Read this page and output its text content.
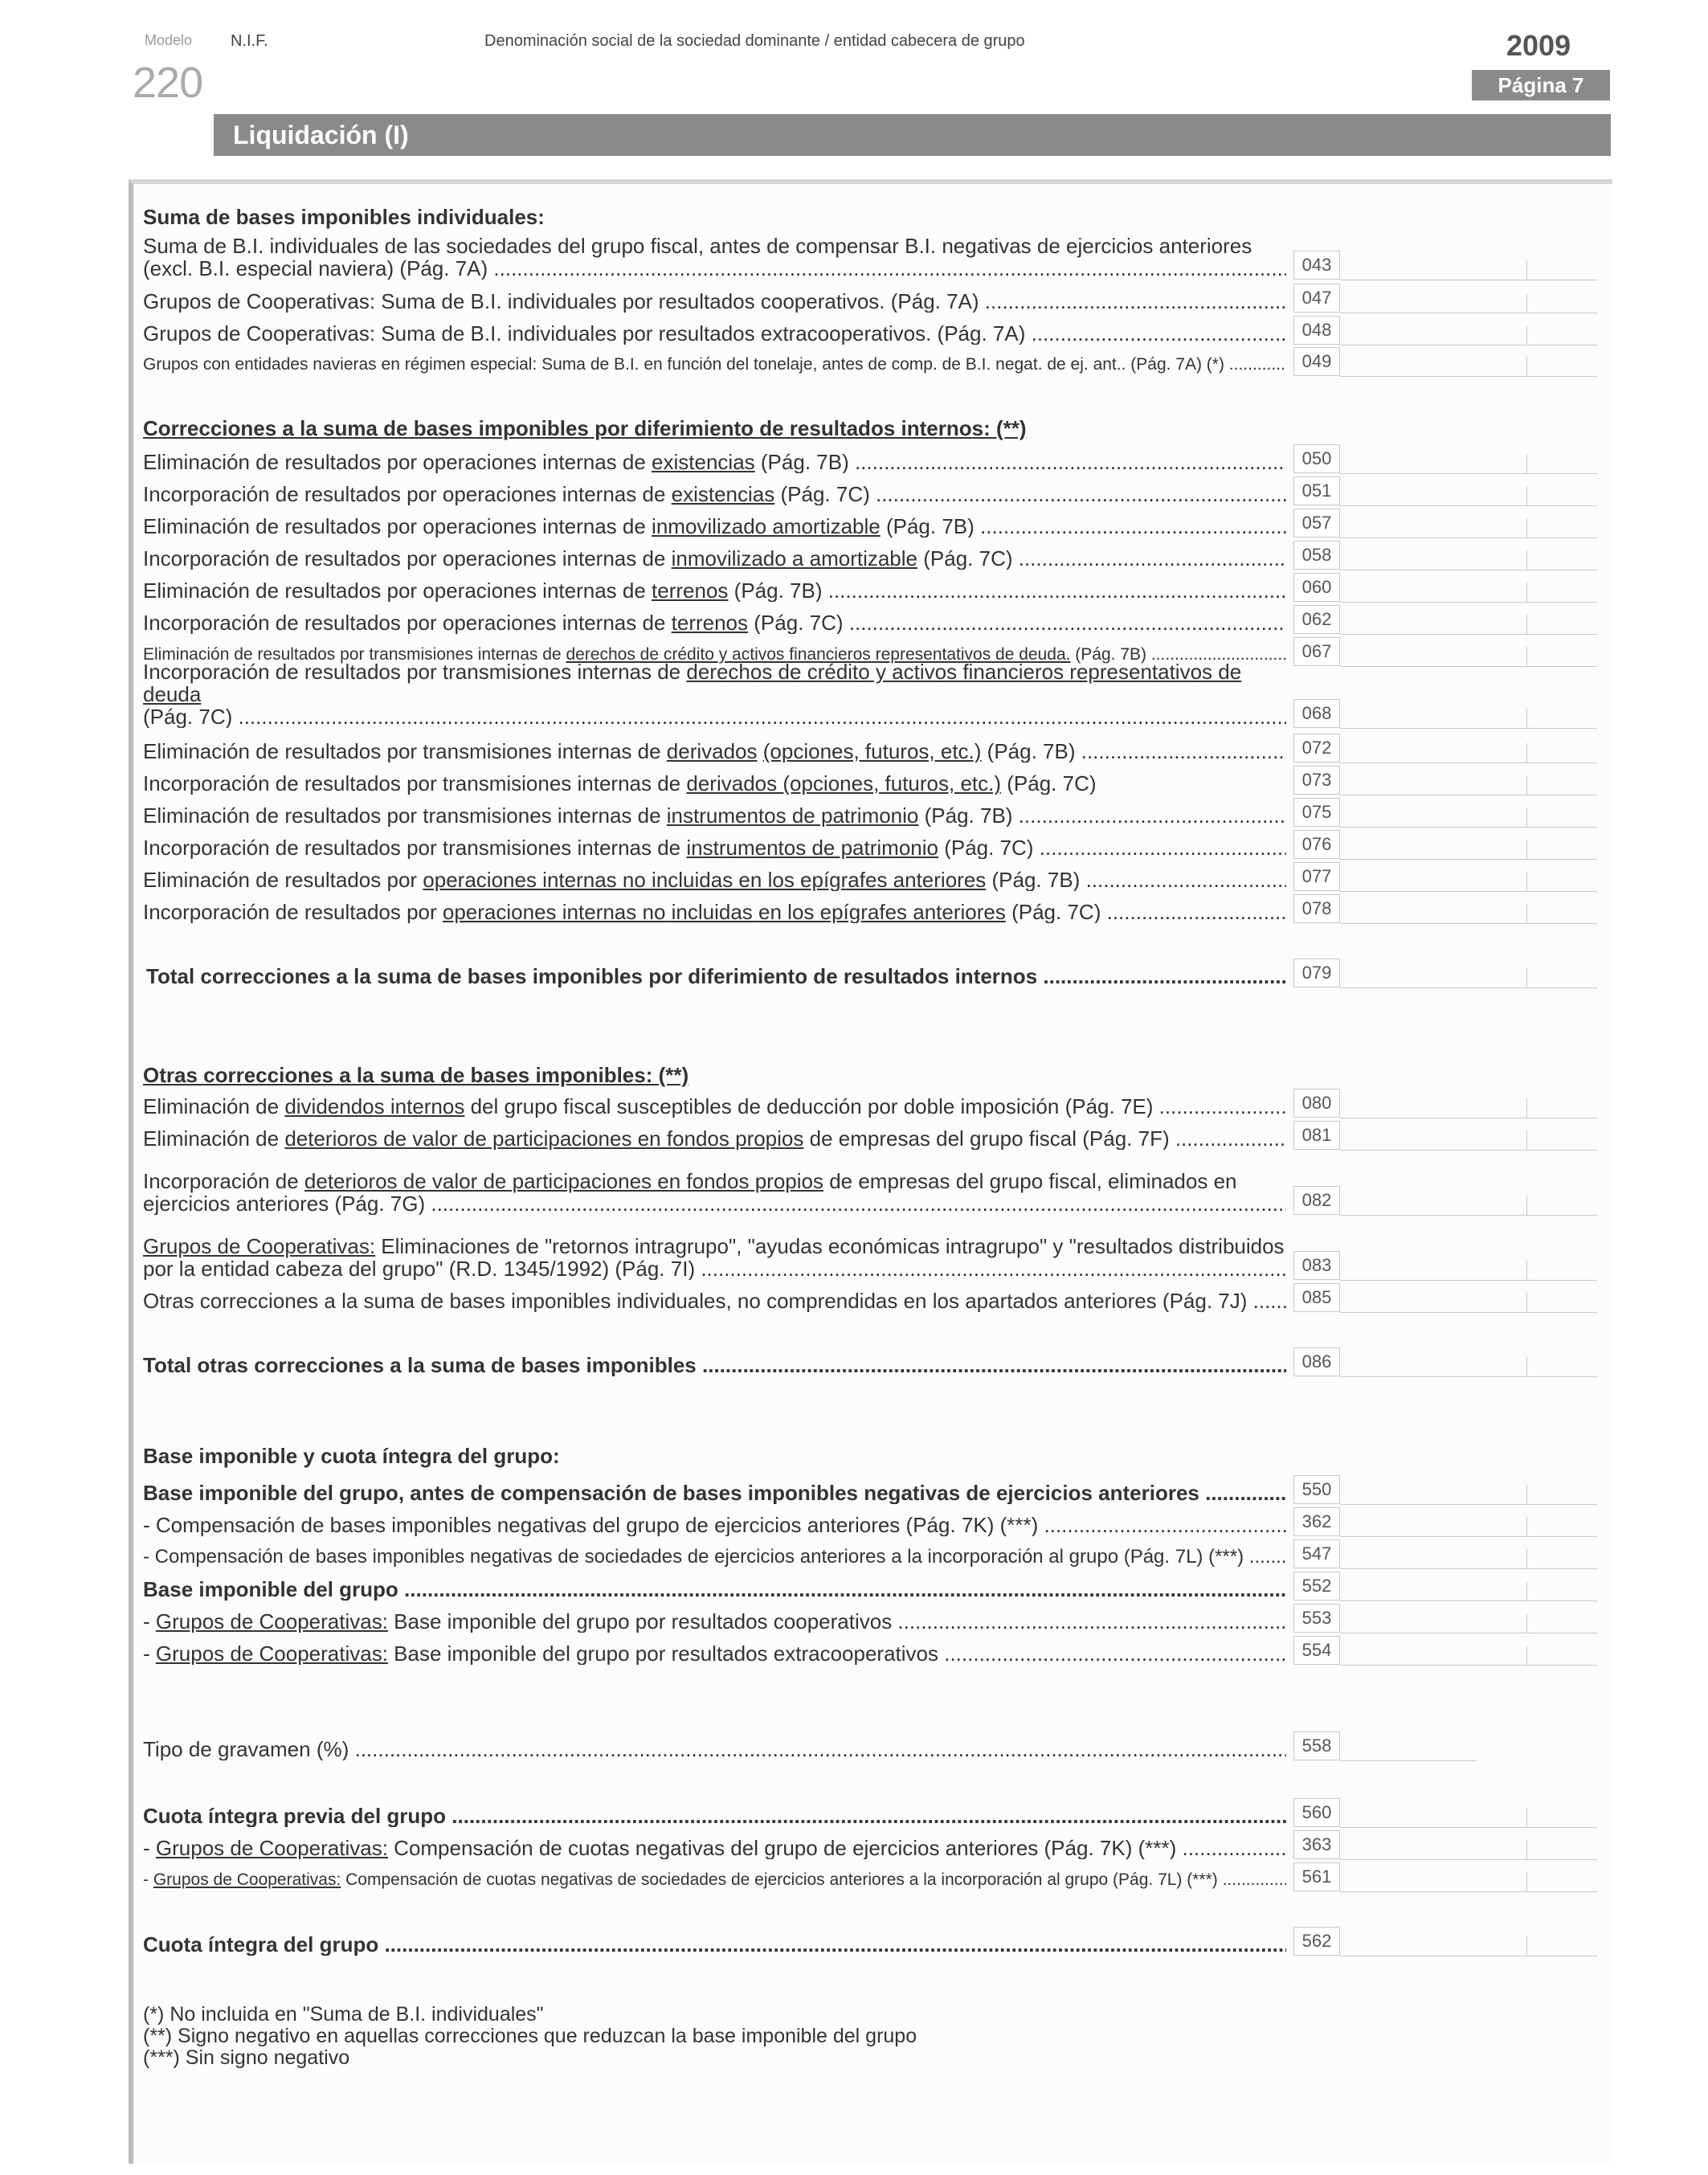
Modelo
220
N.I.F.	Denominación social de la sociedad dominante / entidad cabecera de grupo	2009
Página 7
Liquidación (I)
Suma de bases imponibles individuales:
Suma de B.I. individuales de las sociedades del grupo fiscal, antes de compensar B.I. negativas de ejercicios anteriores
(excl. B.I. especial naviera) (Pág. 7A) .....	043
Grupos de Cooperativas: Suma de B.I. individuales por resultados cooperativos. (Pág. 7A) .....	047
Grupos de Cooperativas: Suma de B.I. individuales por resultados extracooperativos. (Pág. 7A) .....	048
Grupos con entidades navieras en régimen especial: Suma de B.I. en función del tonelaje, antes de comp. de B.I. negat. de ej. ant.. (Pág. 7A) (*) .....	049
Correcciones a la suma de bases imponibles por diferimiento de resultados internos: (**)
Eliminación de resultados por operaciones internas de existencias (Pág. 7B) .....	050
Incorporación de resultados por operaciones internas de existencias (Pág. 7C) .....	051
Eliminación de resultados por operaciones internas de inmovilizado amortizable (Pág. 7B) .....	057
Incorporación de resultados por operaciones internas de inmovilizado a amortizable (Pág. 7C) .....	058
Eliminación de resultados por operaciones internas de terrenos (Pág. 7B) .....	060
Incorporación de resultados por operaciones internas de terrenos (Pág. 7C) .....	062
Eliminación de resultados por transmisiones internas de derechos de crédito y activos financieros representativos de deuda. (Pág. 7B) .....	067
Incorporación de resultados por transmisiones internas de derechos de crédito y activos financieros representativos de deuda
(Pág. 7C) .....	068
Eliminación de resultados por transmisiones internas de derivados (opciones, futuros, etc.) (Pág. 7B) .....	072
Incorporación de resultados por transmisiones internas de derivados (opciones, futuros, etc.) (Pág. 7C)	073
Eliminación de resultados por transmisiones internas de instrumentos de patrimonio (Pág. 7B) .....	075
Incorporación de resultados por transmisiones internas de instrumentos de patrimonio (Pág. 7C) .....	076
Eliminación de resultados por operaciones internas no incluidas en los epígrafes anteriores (Pág. 7B) .....	077
Incorporación de resultados por operaciones internas no incluidas en los epígrafes anteriores (Pág. 7C) .....	078
Total correcciones a la suma de bases imponibles por diferimiento de resultados internos .....	079
Otras correcciones a la suma de bases imponibles: (**)
Eliminación de dividendos internos del grupo fiscal susceptibles de deducción por doble imposición (Pág. 7E) .....	080
Eliminación de deterioros de valor de participaciones en fondos propios de empresas del grupo fiscal (Pág. 7F) .....	081
Incorporación de deterioros de valor de participaciones en fondos propios de empresas del grupo fiscal, eliminados en
ejercicios anteriores (Pág. 7G) .....	082
Grupos de Cooperativas: Eliminaciones de "retornos intragrupo", "ayudas económicas intragrupo" y "resultados distribuidos
por la entidad cabeza del grupo" (R.D. 1345/1992) (Pág. 7I) .....	083
Otras correcciones a la suma de bases imponibles individuales, no comprendidas en los apartados anteriores (Pág. 7J) .....	085
Total otras correcciones a la suma de bases imponibles .....	086
Base imponible y cuota íntegra del grupo:
Base imponible del grupo, antes de compensación de bases imponibles negativas de ejercicios anteriores .....	550
- Compensación de bases imponibles negativas del grupo de ejercicios anteriores (Pág. 7K) (***) .....	362
- Compensación de bases imponibles negativas de sociedades de ejercicios anteriores a la incorporación al grupo (Pág. 7L) (***) .....	547
Base imponible del grupo .....	552
- Grupos de Cooperativas: Base imponible del grupo por resultados cooperativos .....	553
- Grupos de Cooperativas: Base imponible del grupo por resultados extracooperativos .....	554
Tipo de gravamen (%) .....	558
Cuota íntegra previa del grupo .....	560
- Grupos de Cooperativas: Compensación de cuotas negativas del grupo de ejercicios anteriores (Pág. 7K) (***) .....	363
- Grupos de Cooperativas: Compensación de cuotas negativas de sociedades de ejercicios anteriores a la incorporación al grupo (Pág. 7L) (***) .....	561
Cuota íntegra del grupo .....	562
(*) No incluida en "Suma de B.I. individuales"
(**) Signo negativo en aquellas correcciones que reduzcan la base imponible del grupo
(***) Sin signo negativo
